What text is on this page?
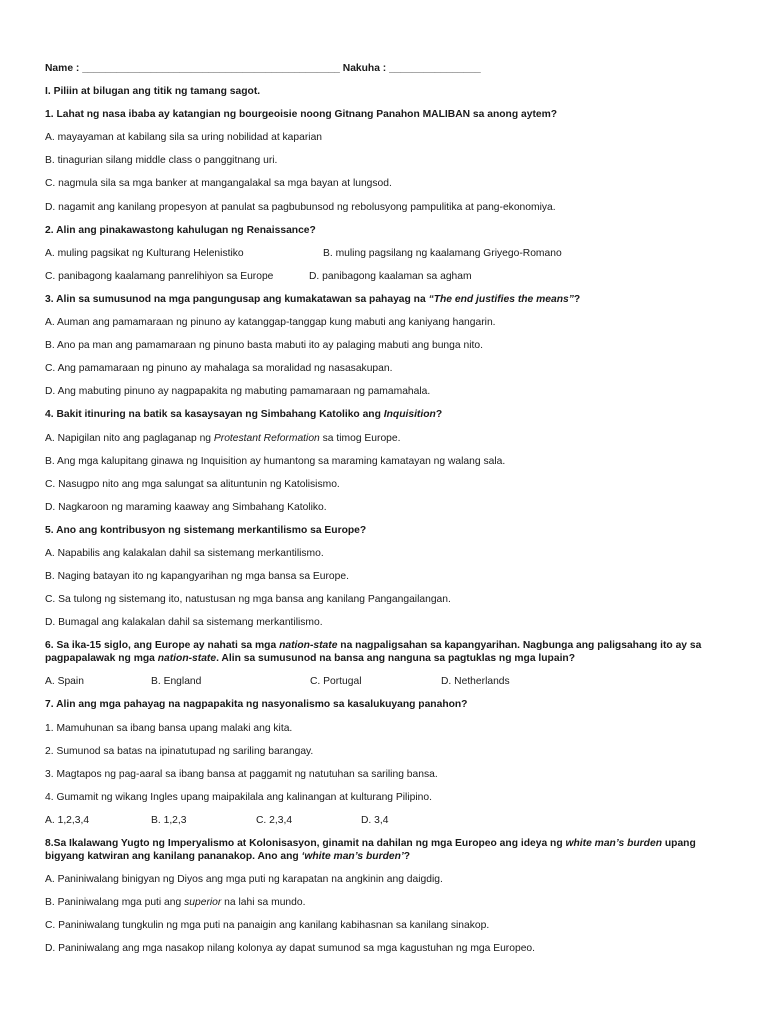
Name : _____________________________________________ Nakuha : ________________
I. Piliin at bilugan ang titik ng tamang sagot.
1. Lahat ng nasa ibaba ay katangian ng bourgeoisie noong Gitnang Panahon MALIBAN sa anong aytem?
A. mayayaman at kabilang sila sa uring nobilidad at kaparian
B. tinagurian silang middle class o panggitnang uri.
C. nagmula sila sa mga banker at mangangalakal sa mga bayan at lungsod.
D. nagamit ang kanilang propesyon at panulat sa pagbubunsod ng rebolusyong pampulitika at pang-ekonomiya.
2. Alin ang pinakawastong kahulugan ng Renaissance?
A. muling pagsikat ng Kulturang Helenistiko	B. muling pagsilang ng kaalamang Griyego-Romano
C. panibagong kaalamang panrelihiyon sa Europe	D. panibagong kaalaman sa agham
3. Alin sa sumusunod na mga pangungusap ang kumakatawan sa pahayag na “The end justifies the means”?
A. Auman ang pamamaraan ng pinuno ay katanggap-tanggap kung mabuti ang kaniyang hangarin.
B. Ano pa man ang pamamaraan ng pinuno basta mabuti ito ay palaging mabuti ang bunga nito.
C. Ang pamamaraan ng pinuno ay mahalaga sa moralidad ng nasasakupan.
D. Ang mabuting pinuno ay nagpapakita ng mabuting pamamaraan ng pamamahala.
4. Bakit itinuring na batik sa kasaysayan ng Simbahang Katoliko ang Inquisition?
A. Napigilan nito ang paglaganap ng Protestant Reformation sa timog Europe.
B. Ang mga kalupitang ginawa ng Inquisition ay humantong sa maraming kamatayan ng walang sala.
C. Nasugpo nito ang mga salungat sa alituntunin ng Katolisismo.
D. Nagkaroon ng maraming kaaway ang Simbahang Katoliko.
5. Ano ang kontribusyon ng sistemang merkantilismo sa Europe?
A. Napabilis ang kalakalan dahil sa sistemang merkantilismo.
B. Naging batayan ito ng kapangyarihan ng mga bansa sa Europe.
C. Sa tulong ng sistemang ito, natustusan ng mga bansa ang kanilang Pangangailangan.
D. Bumagal ang kalakalan dahil sa sistemang merkantilismo.
6. Sa ika-15 siglo, ang Europe ay nahati sa mga nation-state na nagpaligsahan sa kapangyarihan. Nagbunga ang paligsahang ito ay sa pagpapalawak ng mga nation-state. Alin sa sumusunod na bansa ang nanguna sa pagtuklas ng mga lupain?
A. Spain	B. England	C. Portugal	D. Netherlands
7. Alin ang mga pahayag na nagpapakita ng nasyonalismo sa kasalukuyang panahon?
1. Mamuhunan sa ibang bansa upang malaki ang kita.
2. Sumunod sa batas na ipinatutupad ng sariling barangay.
3. Magtapos ng pag-aaral sa ibang bansa at paggamit ng natutuhan sa sariling bansa.
4. Gumamit ng wikang Ingles upang maipakilala ang kalinangan at kulturang Pilipino.
A. 1,2,3,4	B. 1,2,3	C. 2,3,4	D. 3,4
8.Sa Ikalawang Yugto ng Imperyalismo at Kolonisasyon, ginamit na dahilan ng mga Europeo ang ideya ng white man’s burden upang bigyang katwiran ang kanilang pananakop. Ano ang ‘white man’s burden’?
A. Paniniwalang binigyan ng Diyos ang mga puti ng karapatan na angkinin ang daigdig.
B. Paniniwalang mga puti ang superior na lahi sa mundo.
C. Paniniwalang tungkulin ng mga puti na panaigin ang kanilang kabihasnan sa kanilang sinakop.
D. Paniniwalang ang mga nasakop nilang kolonya ay dapat sumunod sa mga kagustuhan ng mga Europeo.
